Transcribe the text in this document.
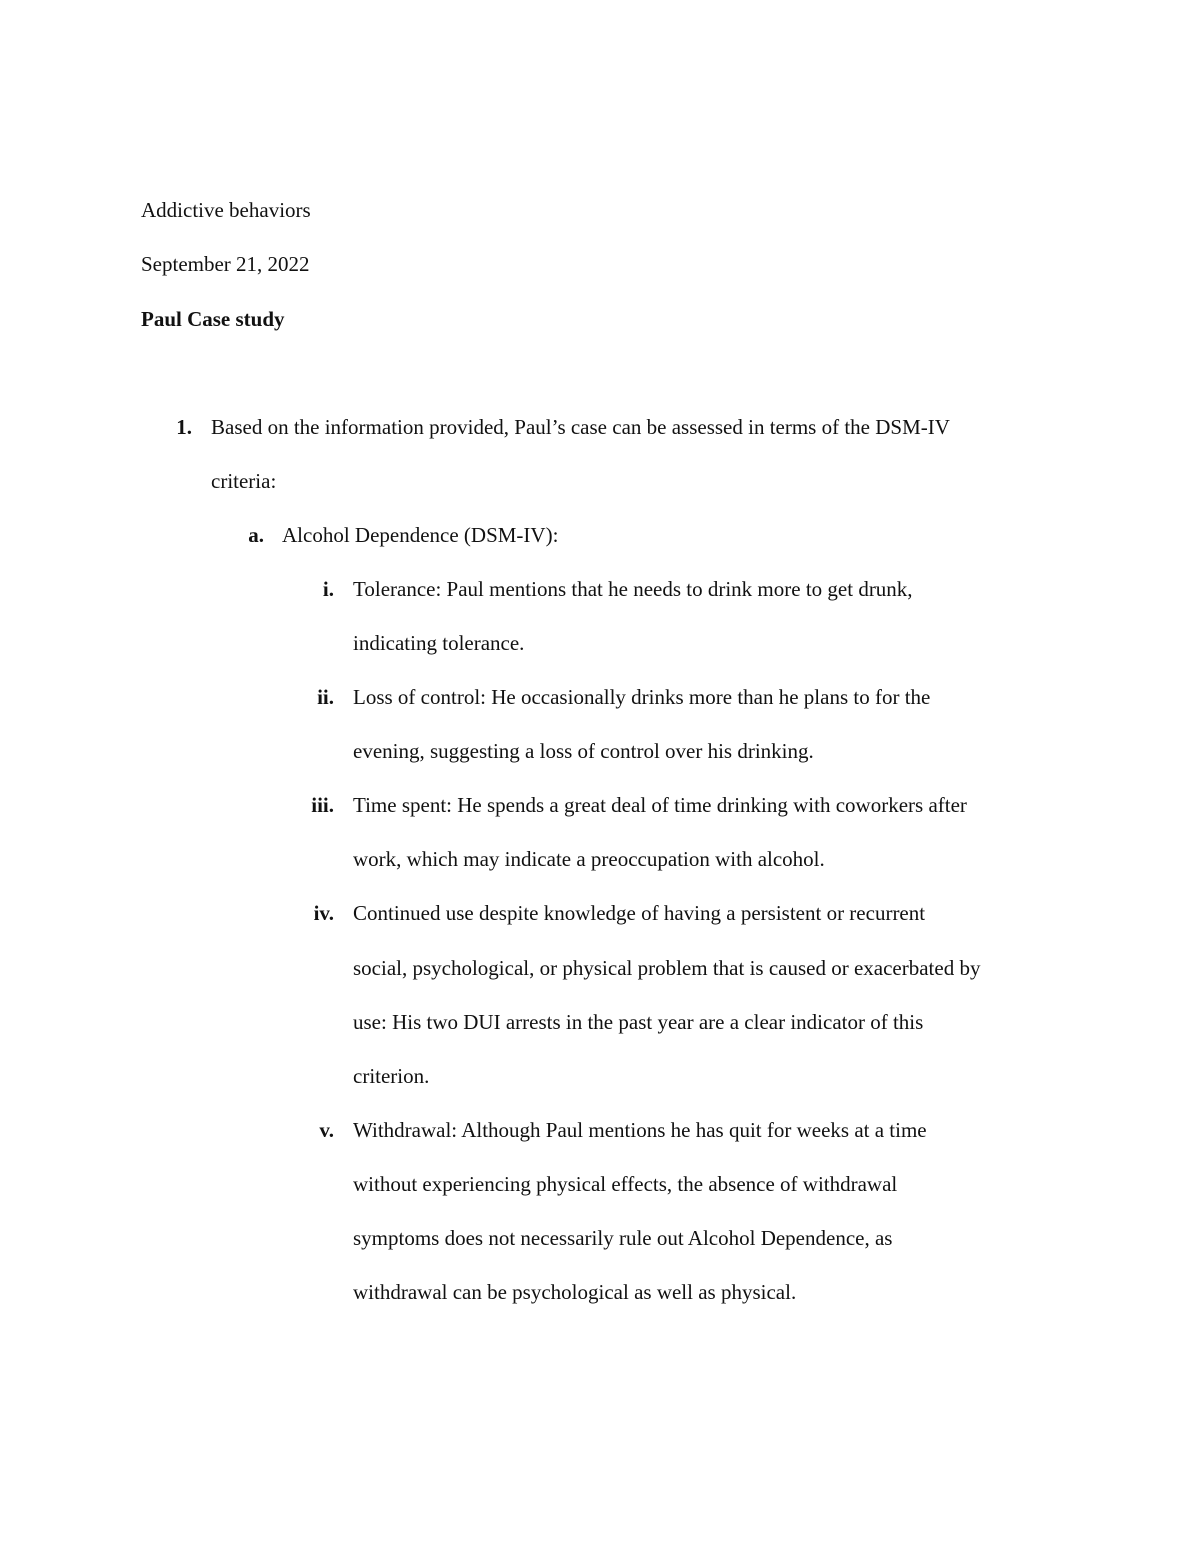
Addictive behaviors
September 21, 2022
Paul Case study
1. Based on the information provided, Paul’s case can be assessed in terms of the DSM-IV
criteria:
a. Alcohol Dependence (DSM-IV):
i. Tolerance: Paul mentions that he needs to drink more to get drunk,
indicating tolerance.
ii. Loss of control: He occasionally drinks more than he plans to for the
evening, suggesting a loss of control over his drinking.
iii. Time spent: He spends a great deal of time drinking with coworkers after
work, which may indicate a preoccupation with alcohol.
iv. Continued use despite knowledge of having a persistent or recurrent
social, psychological, or physical problem that is caused or exacerbated by
use: His two DUI arrests in the past year are a clear indicator of this
criterion.
v. Withdrawal: Although Paul mentions he has quit for weeks at a time
without experiencing physical effects, the absence of withdrawal
symptoms does not necessarily rule out Alcohol Dependence, as
withdrawal can be psychological as well as physical.
